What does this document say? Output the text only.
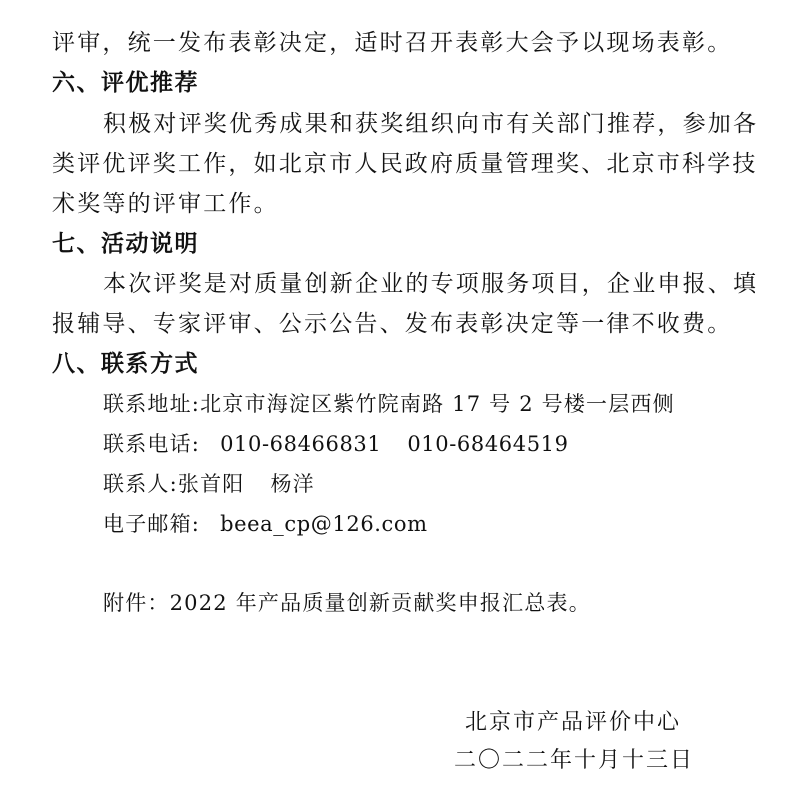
评审，统一发布表彰决定，适时召开表彰大会予以现场表彰。
六、评优推荐
积极对评奖优秀成果和获奖组织向市有关部门推荐，参加各
类评优评奖工作，如北京市人民政府质量管理奖、北京市科学技
术奖等的评审工作。
七、活动说明
本次评奖是对质量创新企业的专项服务项目，企业申报、填
报辅导、专家评审、公示公告、发布表彰决定等一律不收费。
八、联系方式
联系地址:北京市海淀区紫竹院南路 17 号 2 号楼一层西侧
联系电话: 010-68466831 010-68464519
联系人:张首阳 杨洋
电子邮箱: beea_cp@126.com
附件：2022 年产品质量创新贡献奖申报汇总表。
北京市产品评价中心
二〇二二年十月十三日
